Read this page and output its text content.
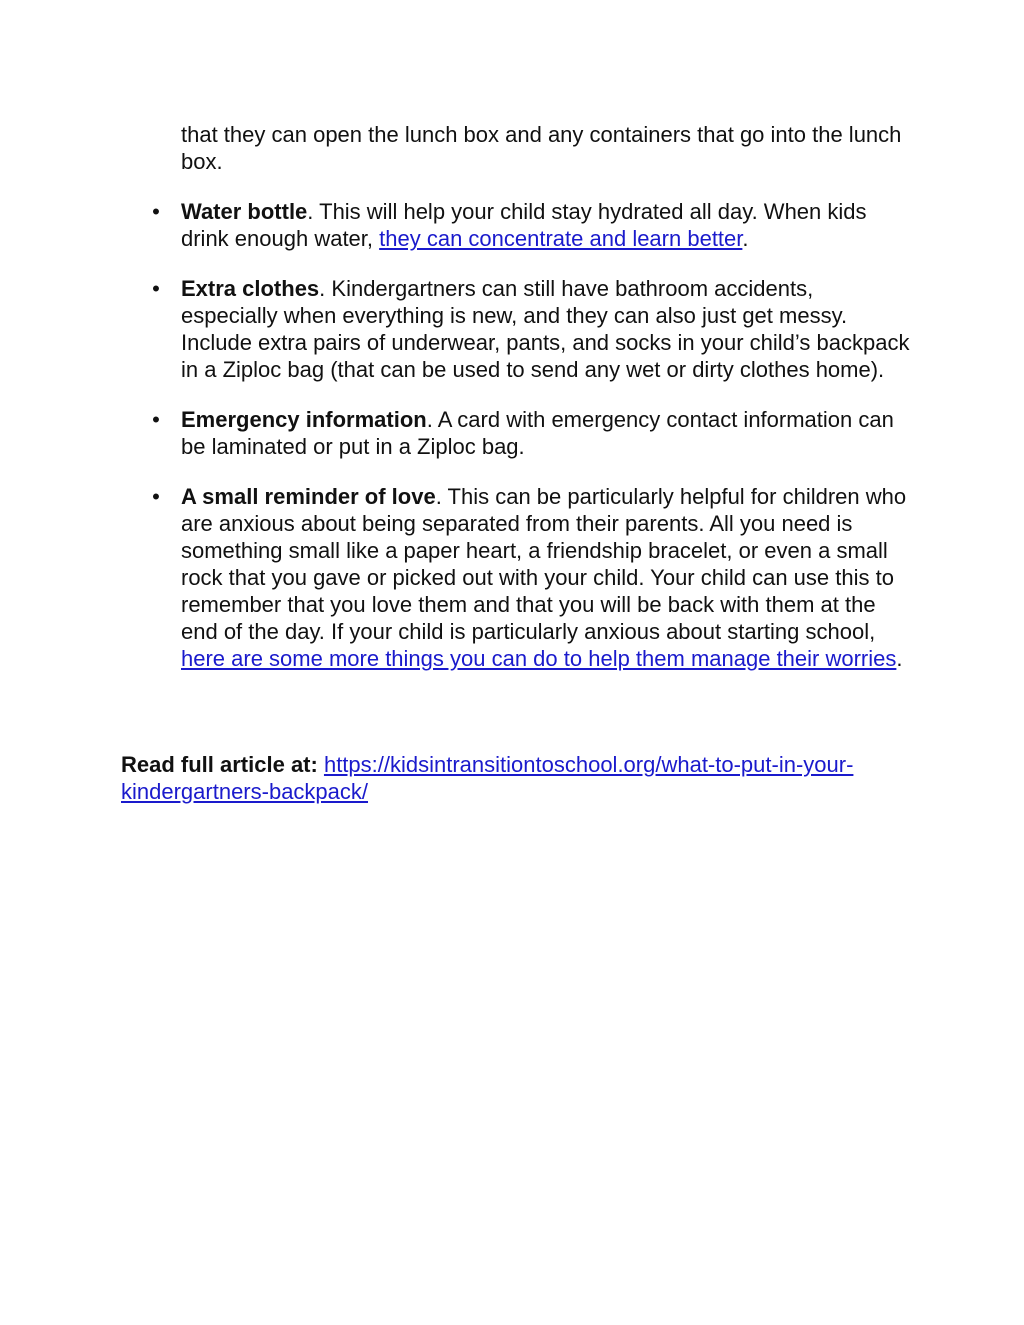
that they can open the lunch box and any containers that go into the lunch box.

• Water bottle. This will help your child stay hydrated all day. When kids drink enough water, they can concentrate and learn better.
• Extra clothes. Kindergartners can still have bathroom accidents, especially when everything is new, and they can also just get messy. Include extra pairs of underwear, pants, and socks in your child’s backpack in a Ziploc bag (that can be used to send any wet or dirty clothes home).
• Emergency information. A card with emergency contact information can be laminated or put in a Ziploc bag.
• A small reminder of love. This can be particularly helpful for children who are anxious about being separated from their parents. All you need is something small like a paper heart, a friendship bracelet, or even a small rock that you gave or picked out with your child. Your child can use this to remember that you love them and that you will be back with them at the end of the day. If your child is particularly anxious about starting school, here are some more things you can do to help them manage their worries.

Read full article at: https://kidsintransitiontoschool.org/what-to-put-in-your-kindergartners-backpack/
